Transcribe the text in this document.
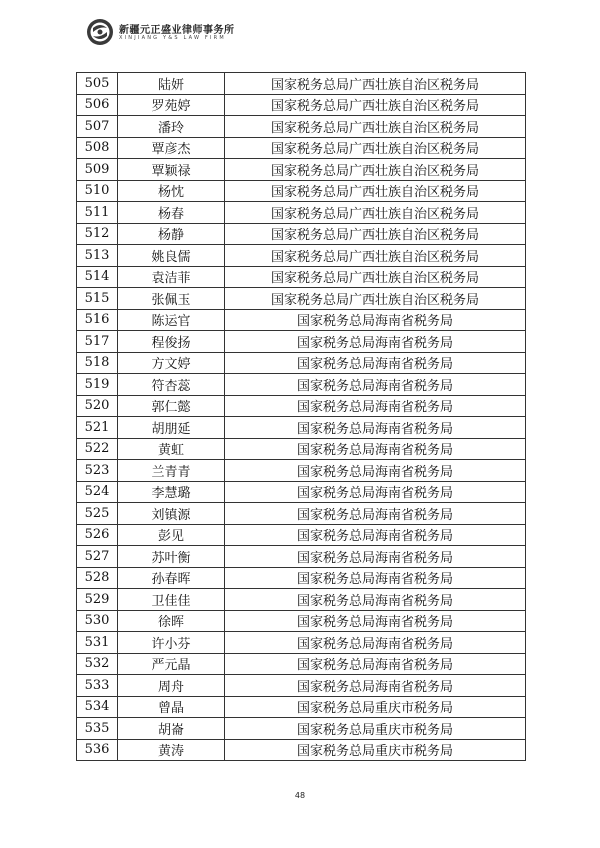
新疆元正盛业律师事务所
XINJIANG Y&S LAW FIRM
505	陆妍	国家税务总局广西壮族自治区税务局
506	罗苑婷	国家税务总局广西壮族自治区税务局
507	潘玲	国家税务总局广西壮族自治区税务局
508	覃彦杰	国家税务总局广西壮族自治区税务局
509	覃颖禄	国家税务总局广西壮族自治区税务局
510	杨忱	国家税务总局广西壮族自治区税务局
511	杨春	国家税务总局广西壮族自治区税务局
512	杨静	国家税务总局广西壮族自治区税务局
513	姚良儒	国家税务总局广西壮族自治区税务局
514	袁洁菲	国家税务总局广西壮族自治区税务局
515	张佩玉	国家税务总局广西壮族自治区税务局
516	陈运官	国家税务总局海南省税务局
517	程俊扬	国家税务总局海南省税务局
518	方文婷	国家税务总局海南省税务局
519	符杏蕊	国家税务总局海南省税务局
520	郭仁懿	国家税务总局海南省税务局
521	胡朋延	国家税务总局海南省税务局
522	黄虹	国家税务总局海南省税务局
523	兰青青	国家税务总局海南省税务局
524	李慧璐	国家税务总局海南省税务局
525	刘镇源	国家税务总局海南省税务局
526	彭见	国家税务总局海南省税务局
527	苏叶衡	国家税务总局海南省税务局
528	孙春晖	国家税务总局海南省税务局
529	卫佳佳	国家税务总局海南省税务局
530	徐晖	国家税务总局海南省税务局
531	许小芬	国家税务总局海南省税务局
532	严元晶	国家税务总局海南省税务局
533	周舟	国家税务总局海南省税务局
534	曾晶	国家税务总局重庆市税务局
535	胡崙	国家税务总局重庆市税务局
536	黄涛	国家税务总局重庆市税务局
48
